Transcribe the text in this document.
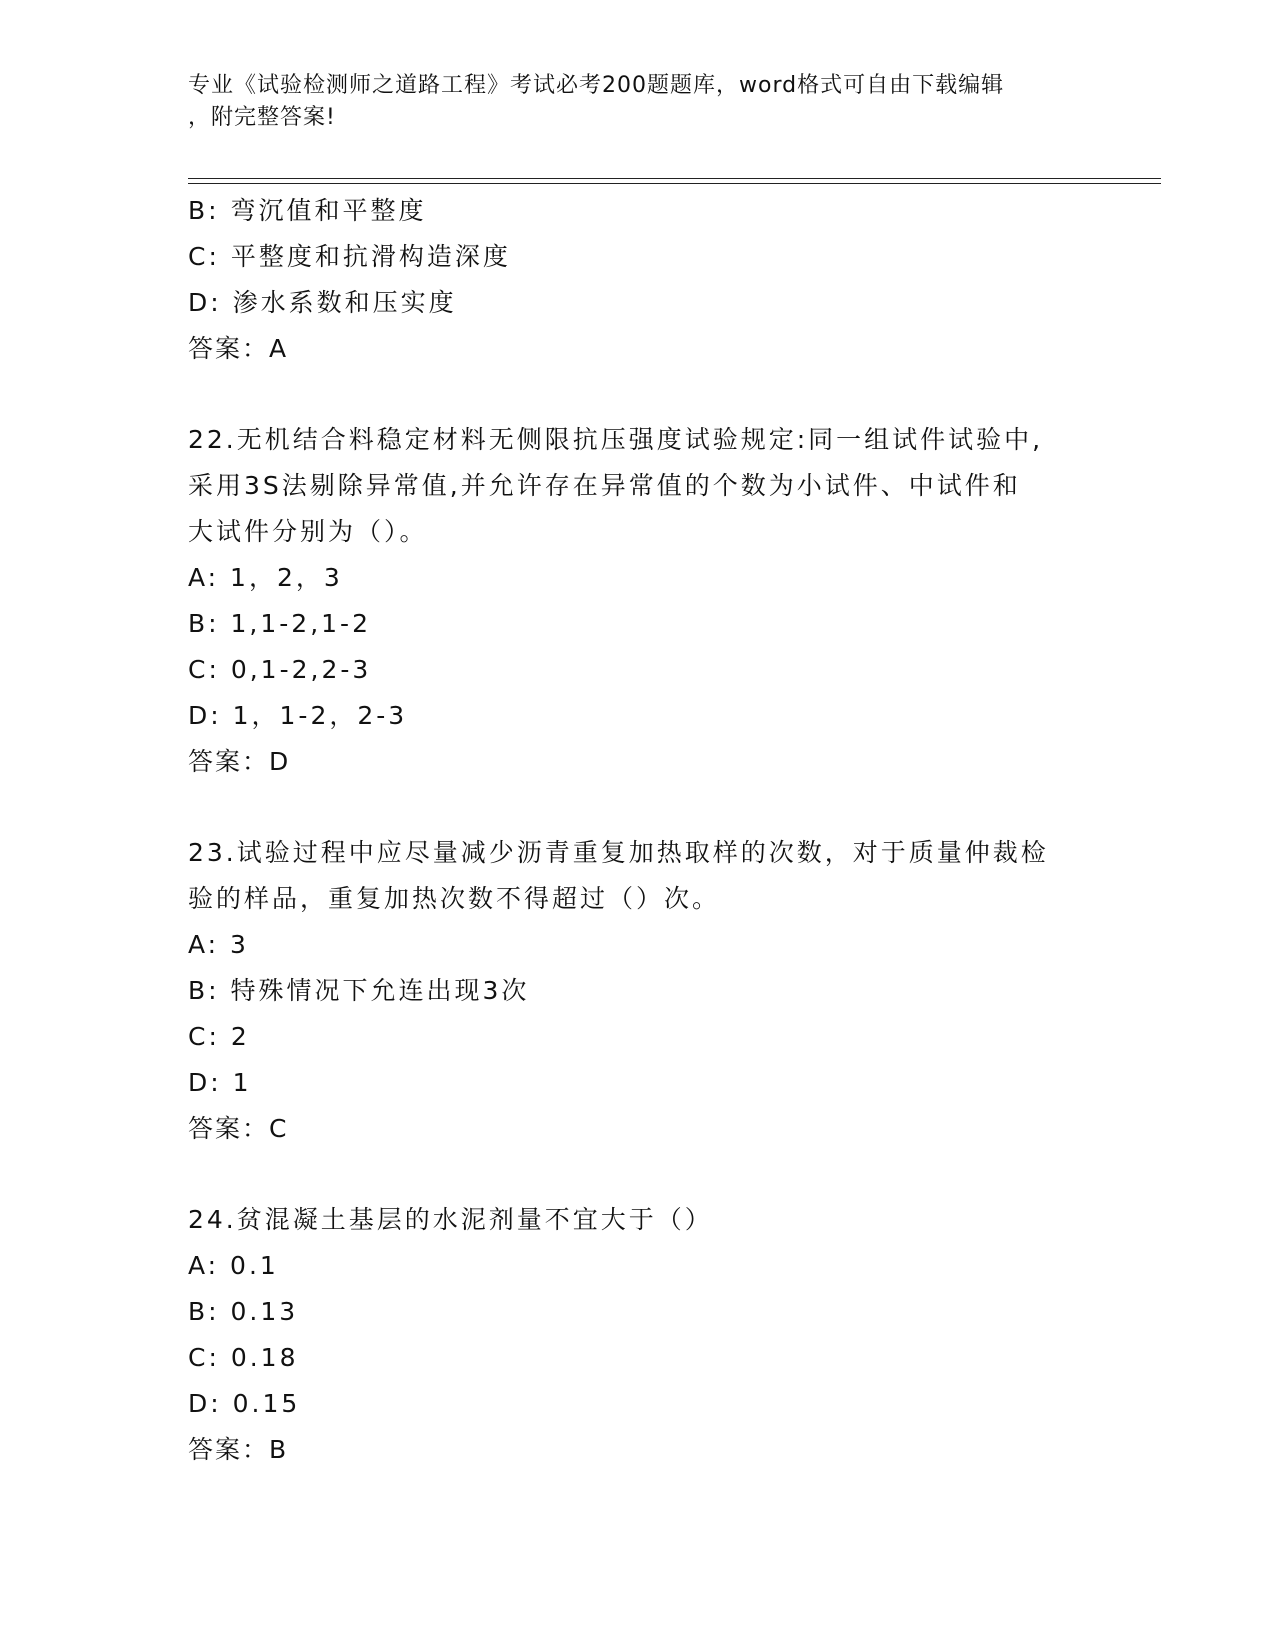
专业《试验检测师之道路工程》考试必考200题题库，word格式可自由下载编辑
，附完整答案!
B: 弯沉值和平整度
C: 平整度和抗滑构造深度
D: 渗水系数和压实度
答案：A
22.无机结合料稳定材料无侧限抗压强度试验规定:同一组试件试验中,
采用3S法剔除异常值,并允许存在异常值的个数为小试件、中试件和
大试件分别为（）。
A: 1，2，3
B: 1,1-2,1-2
C: 0,1-2,2-3
D: 1，1-2，2-3
答案：D
23.试验过程中应尽量减少沥青重复加热取样的次数，对于质量仲裁检
验的样品，重复加热次数不得超过（）次。
A: 3
B: 特殊情况下允连出现3次
C: 2
D: 1
答案：C
24.贫混凝土基层的水泥剂量不宜大于（）
A: 0.1
B: 0.13
C: 0.18
D: 0.15
答案：B
